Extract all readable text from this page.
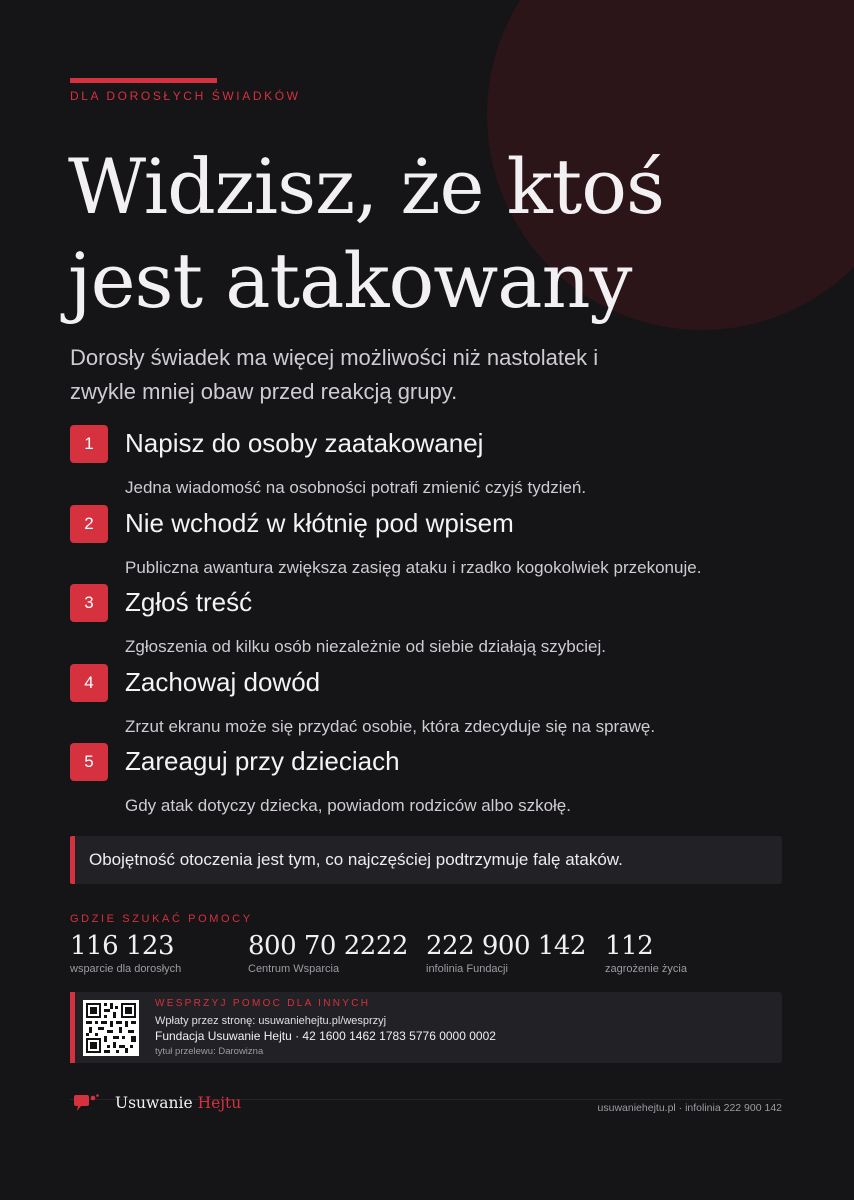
DLA DOROSŁYCH ŚWIADKÓW
Widzisz, że ktoś
jest atakowany

Dorosły świadek ma więcej możliwości niż nastolatek i
zwykle mniej obaw przed reakcją grupy.

1	Napisz do osoby zaatakowanej
Jedna wiadomość na osobności potrafi zmienić czyjś tydzień.
2	Nie wchodź w kłótnię pod wpisem
Publiczna awantura zwiększa zasięg ataku i rzadko kogokolwiek przekonuje.
3	Zgłoś treść
Zgłoszenia od kilku osób niezależnie od siebie działają szybciej.
4	Zachowaj dowód
Zrzut ekranu może się przydać osobie, która zdecyduje się na sprawę.
5	Zareaguj przy dzieciach
Gdy atak dotyczy dziecka, powiadom rodziców albo szkołę.
Obojętność otoczenia jest tym, co najczęściej podtrzymuje falę ataków.
GDZIE SZUKAĆ POMOCY
116 123
wsparcie dla dorosłych
800 70 2222
Centrum Wsparcia
222 900 142
infolinia Fundacji
112
zagrożenie życia
WESPRZYJ POMOC DLA INNYCH
Wpłaty przez stronę: usuwaniehejtu.pl/wesprzyj
Fundacja Usuwanie Hejtu · 42 1600 1462 1783 5776 0000 0002
tytuł przelewu: Darowizna
Usuwanie Hejtu	usuwaniehejtu.pl · infolinia 222 900 142
